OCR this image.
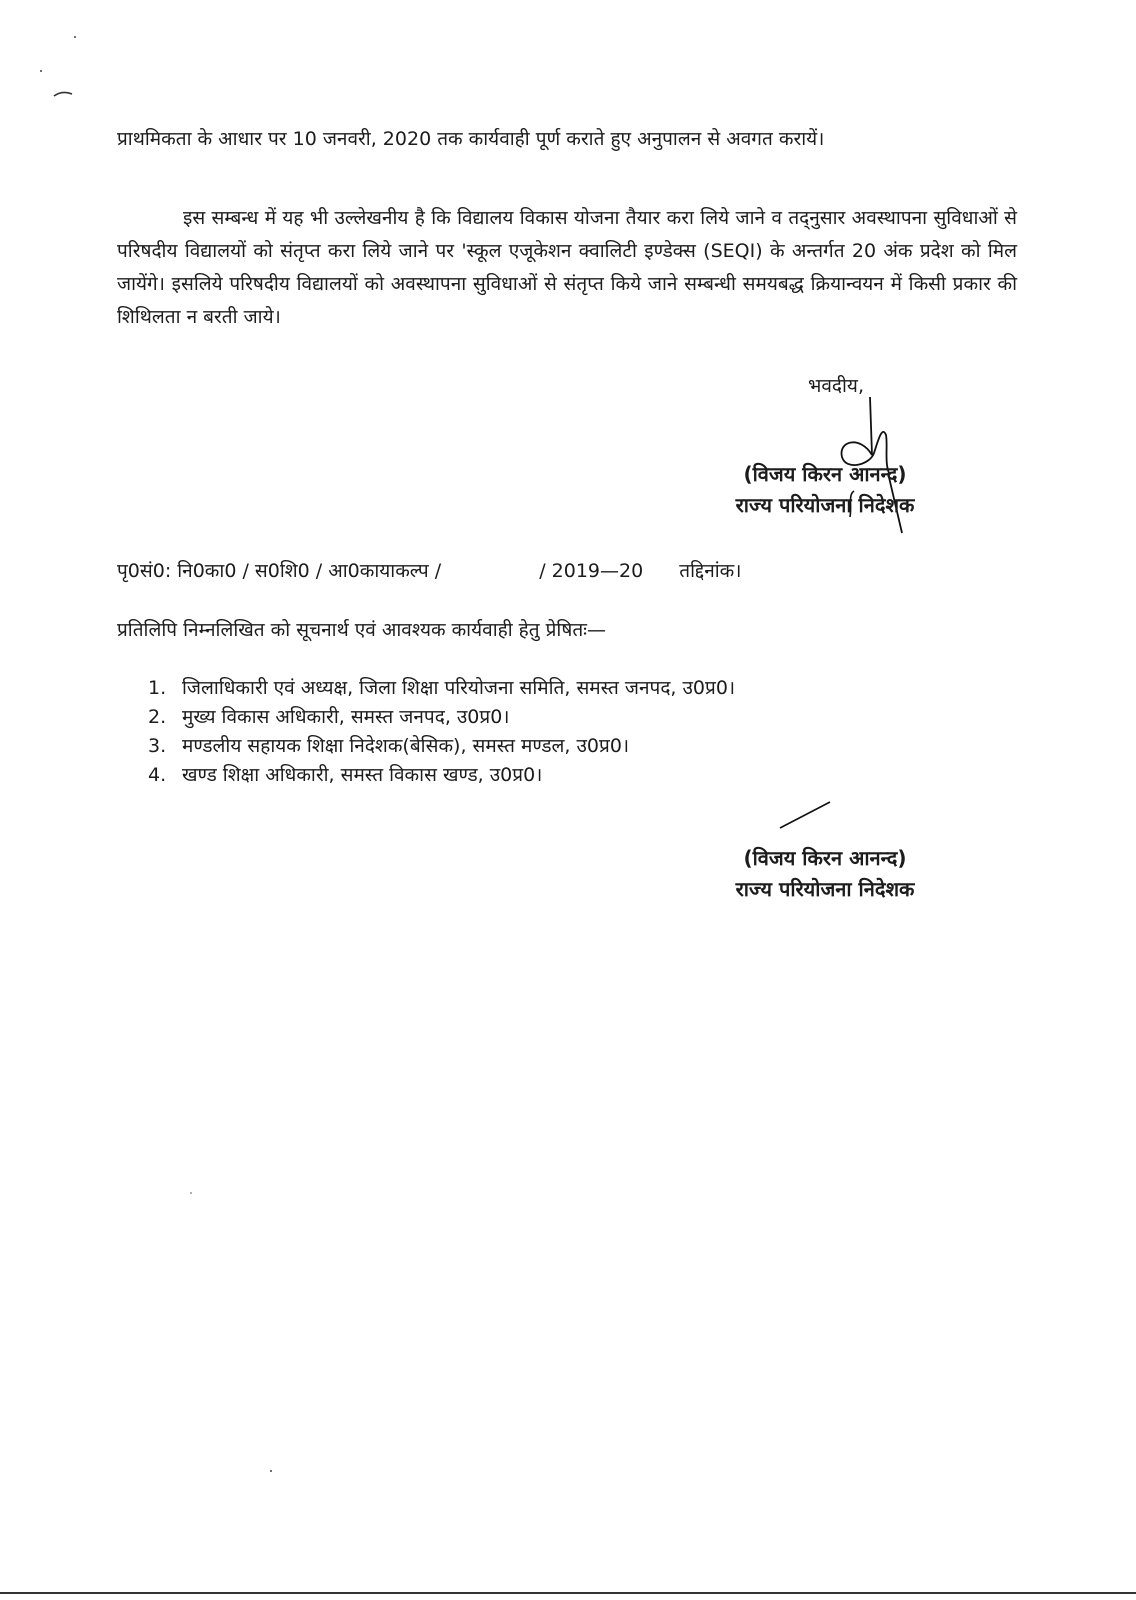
प्राथमिकता के आधार पर 10 जनवरी, 2020 तक कार्यवाही पूर्ण कराते हुए अनुपालन से अवगत करायें।

इस सम्बन्ध में यह भी उल्लेखनीय है कि विद्यालय विकास योजना तैयार करा लिये जाने व तद्नुसार अवस्थापना सुविधाओं से परिषदीय विद्यालयों को संतृप्त करा लिये जाने पर 'स्कूल एजूकेशन क्वालिटी इण्डेक्स (SEQI) के अन्तर्गत 20 अंक प्रदेश को मिल जायेंगे। इसलिये परिषदीय विद्यालयों को अवस्थापना सुविधाओं से संतृप्त किये जाने सम्बन्धी समयबद्ध क्रियान्वयन में किसी प्रकार की शिथिलता न बरती जाये।

भवदीय,
(विजय किरन आनन्द)
राज्य परियोजना निदेशक
पृ0सं0: नि0का0 / स0शि0 / आ0कायाकल्प /	/ 2019—20 तद्दिनांक।
प्रतिलिपि निम्नलिखित को सूचनार्थ एवं आवश्यक कार्यवाही हेतु प्रेषितः—
1. जिलाधिकारी एवं अध्यक्ष, जिला शिक्षा परियोजना समिति, समस्त जनपद, उ0प्र0।
2. मुख्य विकास अधिकारी, समस्त जनपद, उ0प्र0।
3. मण्डलीय सहायक शिक्षा निदेशक(बेसिक), समस्त मण्डल, उ0प्र0।
4. खण्ड शिक्षा अधिकारी, समस्त विकास खण्ड, उ0प्र0।
(विजय किरन आनन्द)
राज्य परियोजना निदेशक
